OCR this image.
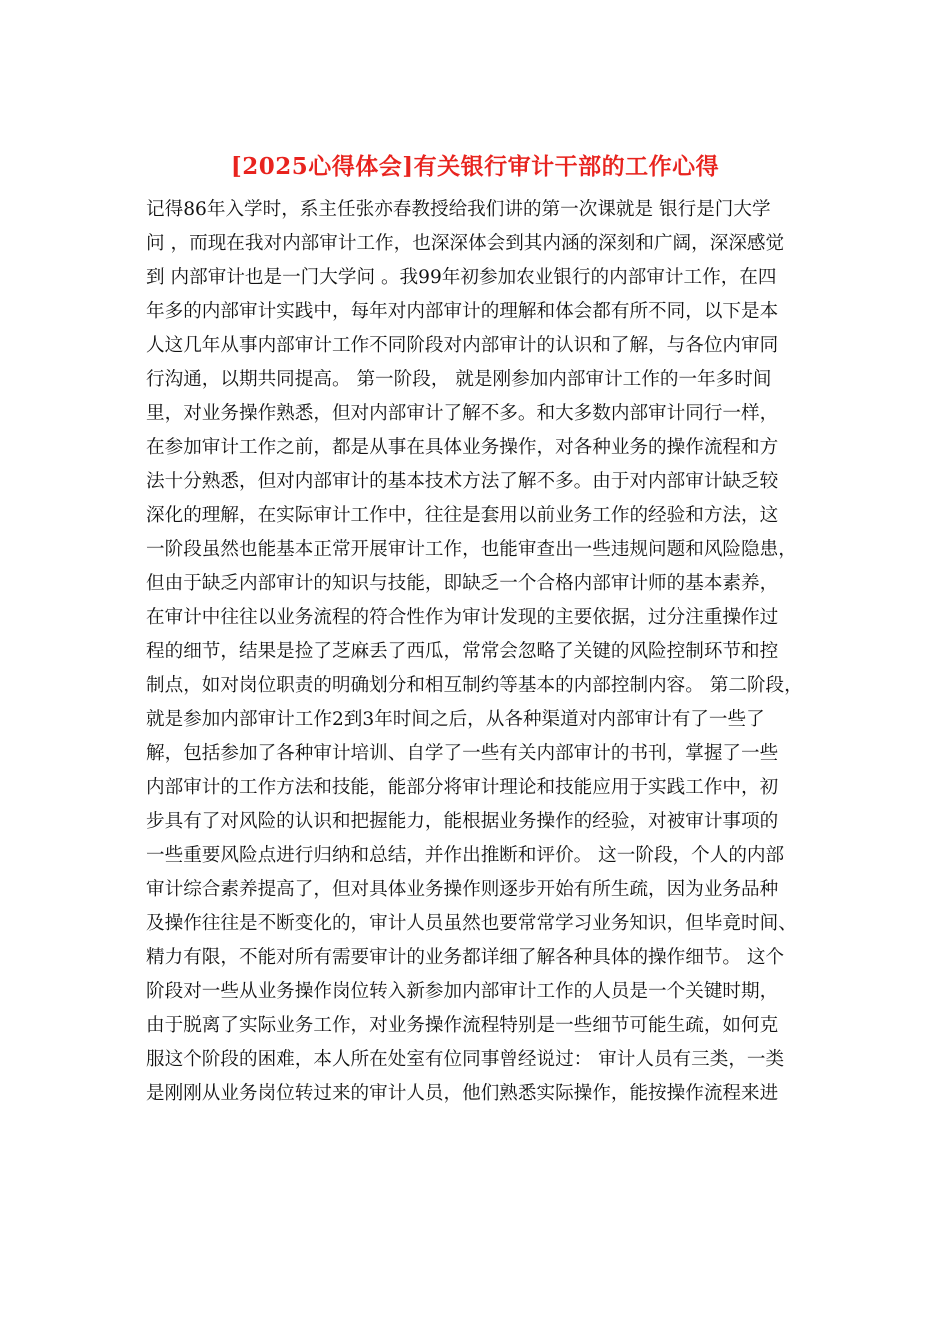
[2025心得体会]有关银行审计干部的工作心得
记得86年入学时，系主任张亦春教授给我们讲的第一次课就是 银行是门大学
问 ，而现在我对内部审计工作，也深深体会到其内涵的深刻和广阔，深深感觉
到 内部审计也是一门大学问 。我99年初参加农业银行的内部审计工作，在四
年多的内部审计实践中，每年对内部审计的理解和体会都有所不同，以下是本
人这几年从事内部审计工作不同阶段对内部审计的认识和了解，与各位内审同
行沟通，以期共同提高。 第一阶段， 就是刚参加内部审计工作的一年多时间
里，对业务操作熟悉，但对内部审计了解不多。和大多数内部审计同行一样，
在参加审计工作之前，都是从事在具体业务操作，对各种业务的操作流程和方
法十分熟悉，但对内部审计的基本技术方法了解不多。由于对内部审计缺乏较
深化的理解，在实际审计工作中，往往是套用以前业务工作的经验和方法，这
一阶段虽然也能基本正常开展审计工作，也能审查出一些违规问题和风险隐患，
但由于缺乏内部审计的知识与技能，即缺乏一个合格内部审计师的基本素养，
在审计中往往以业务流程的符合性作为审计发现的主要依据，过分注重操作过
程的细节，结果是捡了芝麻丢了西瓜，常常会忽略了关键的风险控制环节和控
制点，如对岗位职责的明确划分和相互制约等基本的内部控制内容。 第二阶段，
就是参加内部审计工作2到3年时间之后，从各种渠道对内部审计有了一些了
解，包括参加了各种审计培训、自学了一些有关内部审计的书刊，掌握了一些
内部审计的工作方法和技能，能部分将审计理论和技能应用于实践工作中，初
步具有了对风险的认识和把握能力，能根据业务操作的经验，对被审计事项的
一些重要风险点进行归纳和总结，并作出推断和评价。 这一阶段，个人的内部
审计综合素养提高了，但对具体业务操作则逐步开始有所生疏，因为业务品种
及操作往往是不断变化的，审计人员虽然也要常常学习业务知识，但毕竟时间、
精力有限，不能对所有需要审计的业务都详细了解各种具体的操作细节。 这个
阶段对一些从业务操作岗位转入新参加内部审计工作的人员是一个关键时期，
由于脱离了实际业务工作，对业务操作流程特别是一些细节可能生疏，如何克
服这个阶段的困难，本人所在处室有位同事曾经说过： 审计人员有三类，一类
是刚刚从业务岗位转过来的审计人员，他们熟悉实际操作，能按操作流程来进
